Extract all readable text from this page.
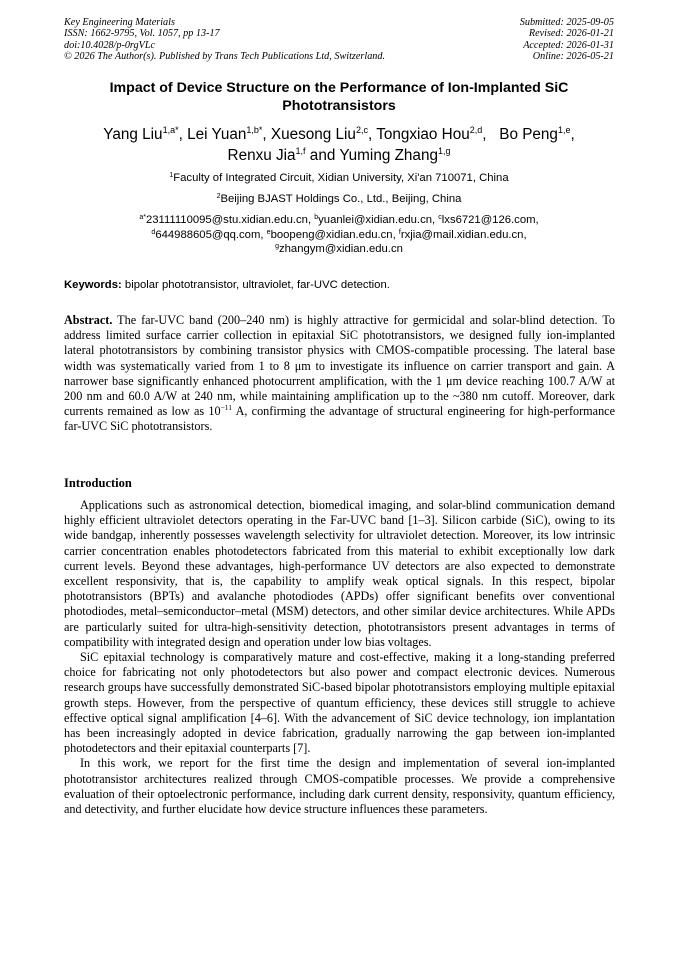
Key Engineering Materials
ISSN: 1662-9795, Vol. 1057, pp 13-17
doi:10.4028/p-0rgVLc
© 2026 The Author(s). Published by Trans Tech Publications Ltd, Switzerland.
Submitted: 2025-09-05
Revised: 2026-01-21
Accepted: 2026-01-31
Online: 2026-05-21
Impact of Device Structure on the Performance of Ion-Implanted SiC Phototransistors
Yang Liu$^{1,a*}$, Lei Yuan$^{1,b*}$, Xuesong Liu$^{2,c}$, Tongxiao Hou$^{2,d}$,   Bo Peng$^{1,e}$,
Renxu Jia$^{1,f}$ and Yuming Zhang$^{1,g}$
$^1$Faculty of Integrated Circuit, Xidian University, Xi'an 710071, China
$^2$Beijing BJAST Holdings Co., Ltd., Beijing, China
$^{a*}$23111110095@stu.xidian.edu.cn, $^b$yuanlei@xidian.edu.cn, $^c$lxs6721@126.com,
$^d$644988605@qq.com, $^e$boopeng@xidian.edu.cn, $^f$rxjia@mail.xidian.edu.cn,
$^g$zhangym@xidian.edu.cn
Keywords: bipolar phototransistor, ultraviolet, far-UVC detection.
Abstract. The far-UVC band (200–240 nm) is highly attractive for germicidal and solar-blind detection. To address limited surface carrier collection in epitaxial SiC phototransistors, we designed fully ion-implanted lateral phototransistors by combining transistor physics with CMOS-compatible processing. The lateral base width was systematically varied from 1 to 8 μm to investigate its influence on carrier transport and gain. A narrower base significantly enhanced photocurrent amplification, with the 1 μm device reaching 100.7 A/W at 200 nm and 60.0 A/W at 240 nm, while maintaining amplification up to the ~380 nm cutoff. Moreover, dark currents remained as low as $10^{-11}$ A, confirming the advantage of structural engineering for high-performance far-UVC SiC phototransistors.
Introduction

Applications such as astronomical detection, biomedical imaging, and solar-blind communication demand highly efficient ultraviolet detectors operating in the Far-UVC band [1–3]. Silicon carbide (SiC), owing to its wide bandgap, inherently possesses wavelength selectivity for ultraviolet detection. Moreover, its low intrinsic carrier concentration enables photodetectors fabricated from this material to exhibit exceptionally low dark current levels. Beyond these advantages, high-performance UV detectors are also expected to demonstrate excellent responsivity, that is, the capability to amplify weak optical signals. In this respect, bipolar phototransistors (BPTs) and avalanche photodiodes (APDs) offer significant benefits over conventional photodiodes, metal–semiconductor–metal (MSM) detectors, and other similar device architectures. While APDs are particularly suited for ultra-high-sensitivity detection, phototransistors present advantages in terms of compatibility with integrated design and operation under low bias voltages.

SiC epitaxial technology is comparatively mature and cost-effective, making it a long-standing preferred choice for fabricating not only photodetectors but also power and compact electronic devices. Numerous research groups have successfully demonstrated SiC-based bipolar phototransistors employing multiple epitaxial growth steps. However, from the perspective of quantum efficiency, these devices still struggle to achieve effective optical signal amplification [4–6]. With the advancement of SiC device technology, ion implantation has been increasingly adopted in device fabrication, gradually narrowing the gap between ion-implanted photodetectors and their epitaxial counterparts [7].

In this work, we report for the first time the design and implementation of several ion-implanted phototransistor architectures realized through CMOS-compatible processes. We provide a comprehensive evaluation of their optoelectronic performance, including dark current density, responsivity, quantum efficiency, and detectivity, and further elucidate how device structure influences these parameters.
